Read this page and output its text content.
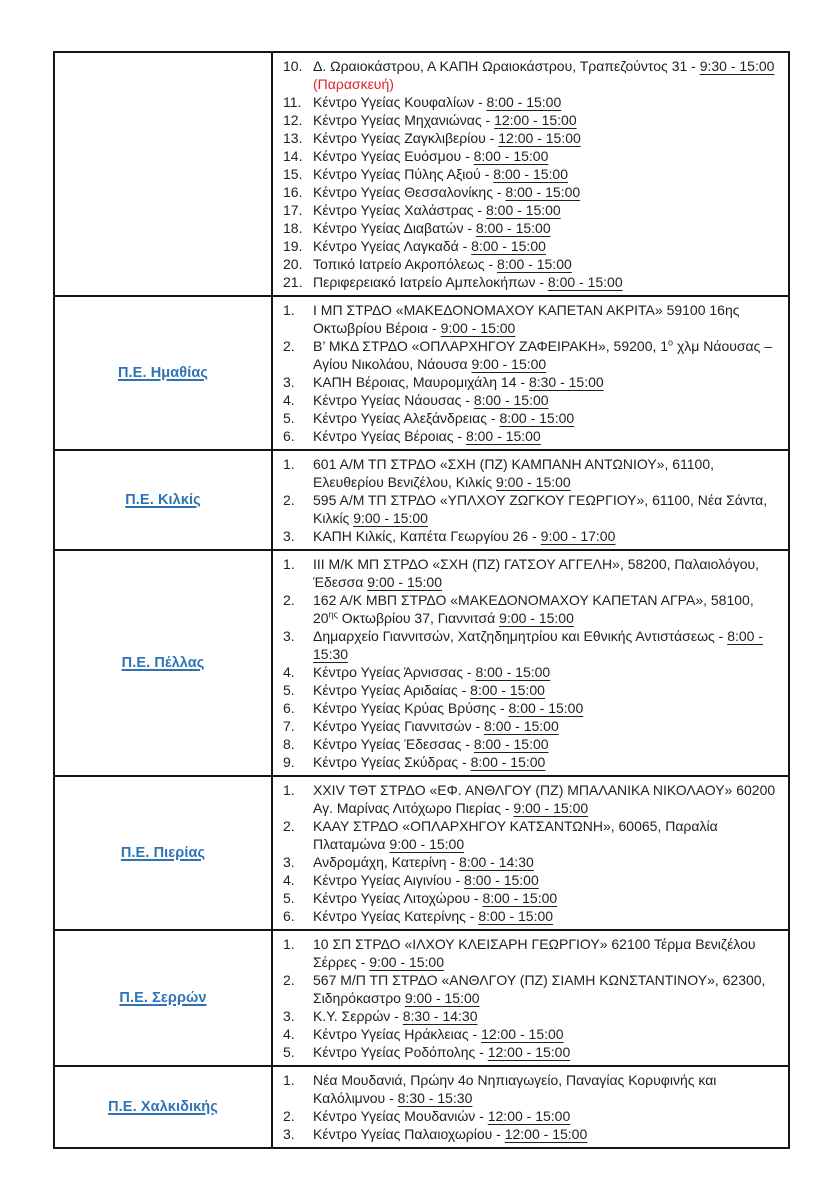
10. Δ. Ωραιοκάστρου, Α ΚΑΠΗ Ωραιοκάστρου, Τραπεζούντος 31 - 9:30 - 15:00 (Παρασκευή)
11. Κέντρο Υγείας Κουφαλίων - 8:00 - 15:00
12. Κέντρο Υγείας Μηχανιώνας - 12:00 - 15:00
13. Κέντρο Υγείας Ζαγκλιβερίου - 12:00 - 15:00
14. Κέντρο Υγείας Ευόσμου - 8:00 - 15:00
15. Κέντρο Υγείας Πύλης Αξιού - 8:00 - 15:00
16. Κέντρο Υγείας Θεσσαλονίκης - 8:00 - 15:00
17. Κέντρο Υγείας Χαλάστρας - 8:00 - 15:00
18. Κέντρο Υγείας Διαβατών - 8:00 - 15:00
19. Κέντρο Υγείας Λαγκαδά - 8:00 - 15:00
20. Τοπικό Ιατρείο Ακροπόλεως - 8:00 - 15:00
21. Περιφερειακό Ιατρείο Αμπελοκήπων - 8:00 - 15:00

Π.Ε. Ημαθίας	
1.	Ι ΜΠ ΣΤΡΔΟ «ΜΑΚΕΔΟΝΟΜΑΧΟΥ ΚΑΠΕΤΑΝ ΑΚΡΙΤΑ» 59100 16ης Οκτωβρίου Βέροια - 9:00 - 15:00
2.	Β’ ΜΚΔ ΣΤΡΔΟ «ΟΠΛΑΡΧΗΓΟΥ ΖΑΦΕΙΡΑΚΗ», 59200, $1^o$ χλμ Νάουσας – Αγίου Νικολάου, Νάουσα 9:00 - 15:00
3.	ΚΑΠΗ Βέροιας, Μαυρομιχάλη 14 - 8:30 - 15:00
4.	Κέντρο Υγείας Νάουσας - 8:00 - 15:00
5.	Κέντρο Υγείας Αλεξάνδρειας - 8:00 - 15:00
6.	Κέντρο Υγείας Βέροιας - 8:00 - 15:00

Π.Ε. Κιλκίς	
1.	601 Α/Μ ΤΠ ΣΤΡΔΟ «ΣΧΗ (ΠΖ) ΚΑΜΠΑΝΗ ΑΝΤΩΝΙΟΥ», 61100, Ελευθερίου Βενιζέλου, Κιλκίς 9:00 - 15:00
2.	595 Α/Μ ΤΠ ΣΤΡΔΟ «ΥΠΛΧΟΥ ΖΩΓΚΟΥ ΓΕΩΡΓΙΟΥ», 61100, Νέα Σάντα, Κιλκίς 9:00 - 15:00
3.	ΚΑΠΗ Κιλκίς, Καπέτα Γεωργίου 26 - 9:00 - 17:00

Π.Ε. Πέλλας	
1.	ΙΙΙ Μ/Κ ΜΠ ΣΤΡΔΟ «ΣΧΗ (ΠΖ) ΓΑΤΣΟΥ ΑΓΓΕΛΗ», 58200, Παλαιολόγου, Έδεσσα 9:00 - 15:00
2.	162 Α/Κ ΜΒΠ ΣΤΡΔΟ «ΜΑΚΕΔΟΝΟΜΑΧΟΥ ΚΑΠΕΤΑΝ ΑΓΡΑ», 58100, $20^{\eta\varsigma}$ Οκτωβρίου 37, Γιαννιτσά 9:00 - 15:00
3.	Δημαρχείο Γιαννιτσών, Χατζηδημητρίου και Εθνικής Αντιστάσεως - 8:00 - 15:30
4.	Κέντρο Υγείας Άρνισσας - 8:00 - 15:00
5.	Κέντρο Υγείας Αριδαίας - 8:00 - 15:00
6.	Κέντρο Υγείας Κρύας Βρύσης - 8:00 - 15:00
7.	Κέντρο Υγείας Γιαννιτσών - 8:00 - 15:00
8.	Κέντρο Υγείας Έδεσσας - 8:00 - 15:00
9.	Κέντρο Υγείας Σκύδρας - 8:00 - 15:00

Π.Ε. Πιερίας	
1.	XXIV ΤΘΤ ΣΤΡΔΟ «ΕΦ. ΑΝΘΛΓΟΥ (ΠΖ) ΜΠΑΛΑΝΙΚΑ ΝΙΚΟΛΑΟΥ» 60200 Αγ. Μαρίνας Λιτόχωρο Πιερίας - 9:00 - 15:00
2.	ΚΑΑΥ ΣΤΡΔΟ «ΟΠΛΑΡΧΗΓΟΥ ΚΑΤΣΑΝΤΩΝΗ», 60065, Παραλία Πλαταμώνα 9:00 - 15:00
3.	Ανδρομάχη, Κατερίνη - 8:00 - 14:30
4.	Κέντρο Υγείας Αιγινίου - 8:00 - 15:00
5.	Κέντρο Υγείας Λιτοχώρου - 8:00 - 15:00
6.	Κέντρο Υγείας Κατερίνης - 8:00 - 15:00

Π.Ε. Σερρών	
1.	10 ΣΠ ΣΤΡΔΟ «ΙΛΧΟΥ ΚΛΕΙΣΑΡΗ ΓΕΩΡΓΙΟΥ» 62100 Τέρμα Βενιζέλου Σέρρες - 9:00 - 15:00
2.	567 Μ/Π ΤΠ ΣΤΡΔΟ «ΑΝΘΛΓΟΥ (ΠΖ) ΣΙΑΜΗ ΚΩΝΣΤΑΝΤΙΝΟΥ», 62300, Σιδηρόκαστρο 9:00 - 15:00
3.	Κ.Υ. Σερρών - 8:30 - 14:30
4.	Κέντρο Υγείας Ηράκλειας - 12:00 - 15:00
5.	Κέντρο Υγείας Ροδόπολης - 12:00 - 15:00

Π.Ε. Χαλκιδικής	
1.	Νέα Μουδανιά, Πρώην 4ο Νηπιαγωγείο, Παναγίας Κορυφινής και Καλόλιμνου - 8:30 - 15:30
2.	Κέντρο Υγείας Μουδανιών - 12:00 - 15:00
3.	Κέντρο Υγείας Παλαιοχωρίου - 12:00 - 15:00
